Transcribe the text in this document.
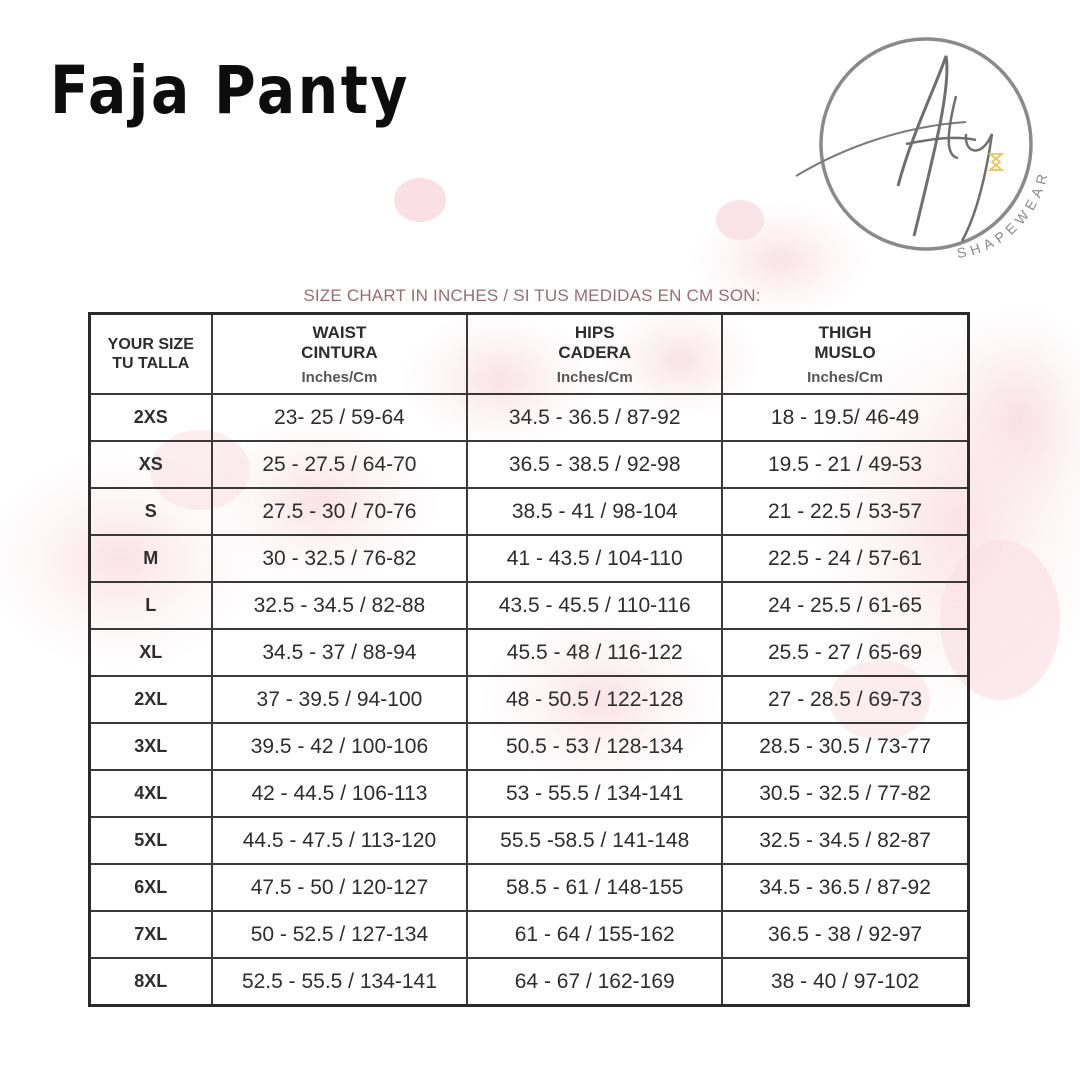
Faja Panty
SHAPEWEAR
SIZE CHART IN INCHES / SI TUS MEDIDAS EN CM SON:
YOUR SIZE
TU TALLA	WAIST
CINTURA
Inches/Cm	HIPS
CADERA
Inches/Cm	THIGH
MUSLO
Inches/Cm

2XS	23- 25 / 59-64	34.5 - 36.5 / 87-92	18 - 19.5/ 46-49
XS	25 - 27.5 / 64-70	36.5 - 38.5 / 92-98	19.5 - 21 / 49-53
S	27.5 - 30 / 70-76	38.5 - 41 / 98-104	21 - 22.5 / 53-57
M	30 - 32.5 / 76-82	41 - 43.5 / 104-110	22.5 - 24 / 57-61
L	32.5 - 34.5 / 82-88	43.5 - 45.5 / 110-116	24 - 25.5 / 61-65
XL	34.5 - 37 / 88-94	45.5 - 48 / 116-122	25.5 - 27 / 65-69
2XL	37 - 39.5 / 94-100	48 - 50.5 / 122-128	27 - 28.5 / 69-73
3XL	39.5 - 42 / 100-106	50.5 - 53 / 128-134	28.5 - 30.5 / 73-77
4XL	42 - 44.5 / 106-113	53 - 55.5 / 134-141	30.5 - 32.5 / 77-82
5XL	44.5 - 47.5 / 113-120	55.5 -58.5 / 141-148	32.5 - 34.5 / 82-87
6XL	47.5 - 50 / 120-127	58.5 - 61 / 148-155	34.5 - 36.5 / 87-92
7XL	50 - 52.5 / 127-134	61 - 64 / 155-162	36.5 - 38 / 92-97
8XL	52.5 - 55.5 / 134-141	64 - 67 / 162-169	38 - 40 / 97-102
